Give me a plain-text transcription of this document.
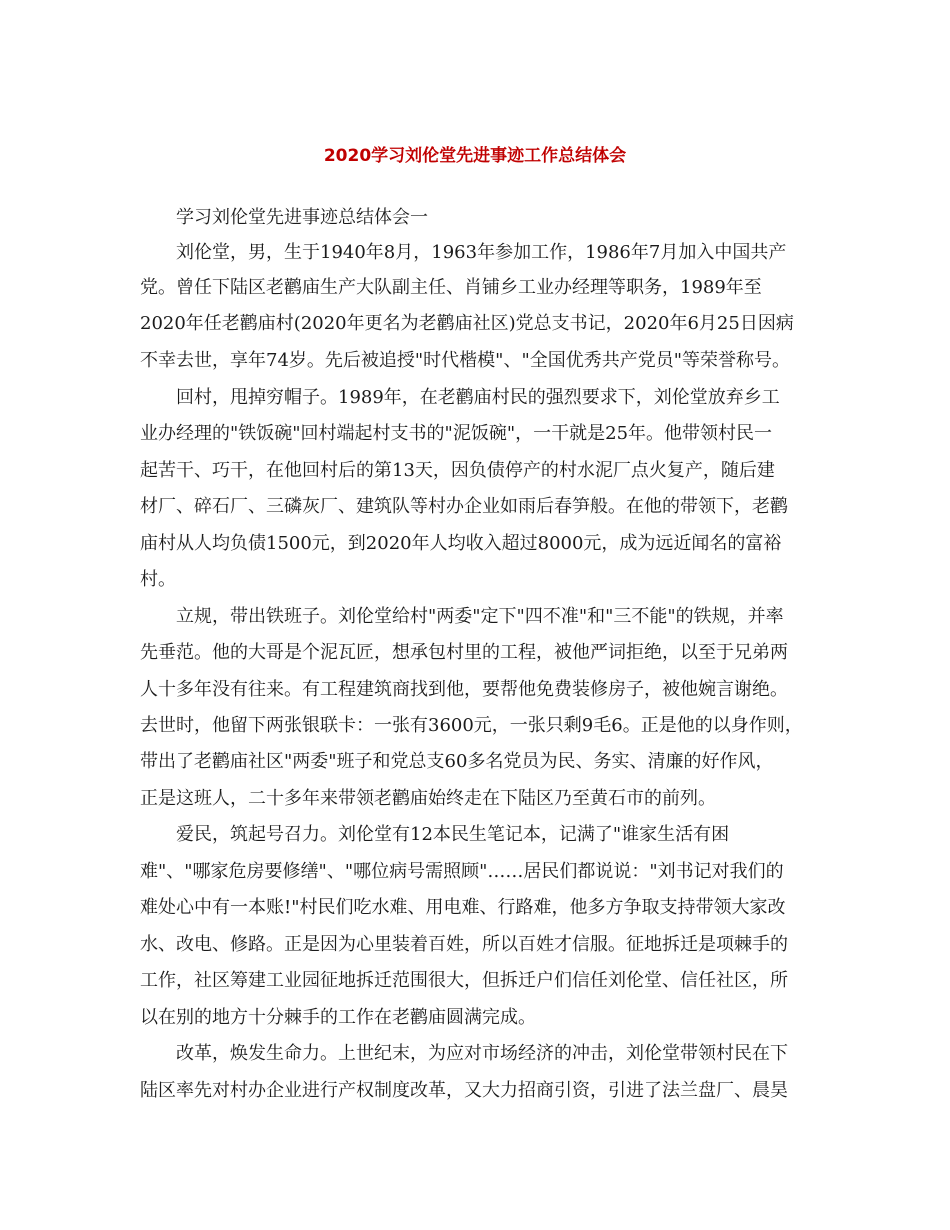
2020学习刘伦堂先进事迹工作总结体会
学习刘伦堂先进事迹总结体会一
刘伦堂，男，生于1940年8月，1963年参加工作，1986年7月加入中国共产
党。曾任下陆区老鹳庙生产大队副主任、肖铺乡工业办经理等职务，1989年至
2020年任老鹳庙村(2020年更名为老鹳庙社区)党总支书记，2020年6月25日因病
不幸去世，享年74岁。先后被追授"时代楷模"、"全国优秀共产党员"等荣誉称号。
回村，甩掉穷帽子。1989年，在老鹳庙村民的强烈要求下，刘伦堂放弃乡工
业办经理的"铁饭碗"回村端起村支书的"泥饭碗"，一干就是25年。他带领村民一
起苦干、巧干，在他回村后的第13天，因负债停产的村水泥厂点火复产，随后建
材厂、碎石厂、三磷灰厂、建筑队等村办企业如雨后春笋般。在他的带领下，老鹳
庙村从人均负债1500元，到2020年人均收入超过8000元，成为远近闻名的富裕
村。
立规，带出铁班子。刘伦堂给村"两委"定下"四不准"和"三不能"的铁规，并率
先垂范。他的大哥是个泥瓦匠，想承包村里的工程，被他严词拒绝，以至于兄弟两
人十多年没有往来。有工程建筑商找到他，要帮他免费装修房子，被他婉言谢绝。
去世时，他留下两张银联卡：一张有3600元，一张只剩9毛6。正是他的以身作则，
带出了老鹳庙社区"两委"班子和党总支60多名党员为民、务实、清廉的好作风，
正是这班人，二十多年来带领老鹳庙始终走在下陆区乃至黄石市的前列。
爱民，筑起号召力。刘伦堂有12本民生笔记本，记满了"谁家生活有困
难"、"哪家危房要修缮"、"哪位病号需照顾"……居民们都说说："刘书记对我们的
难处心中有一本账!"村民们吃水难、用电难、行路难，他多方争取支持带领大家改
水、改电、修路。正是因为心里装着百姓，所以百姓才信服。征地拆迁是项棘手的
工作，社区筹建工业园征地拆迁范围很大，但拆迁户们信任刘伦堂、信任社区，所
以在别的地方十分棘手的工作在老鹳庙圆满完成。
改革，焕发生命力。上世纪末，为应对市场经济的冲击，刘伦堂带领村民在下
陆区率先对村办企业进行产权制度改革，又大力招商引资，引进了法兰盘厂、晨昊
